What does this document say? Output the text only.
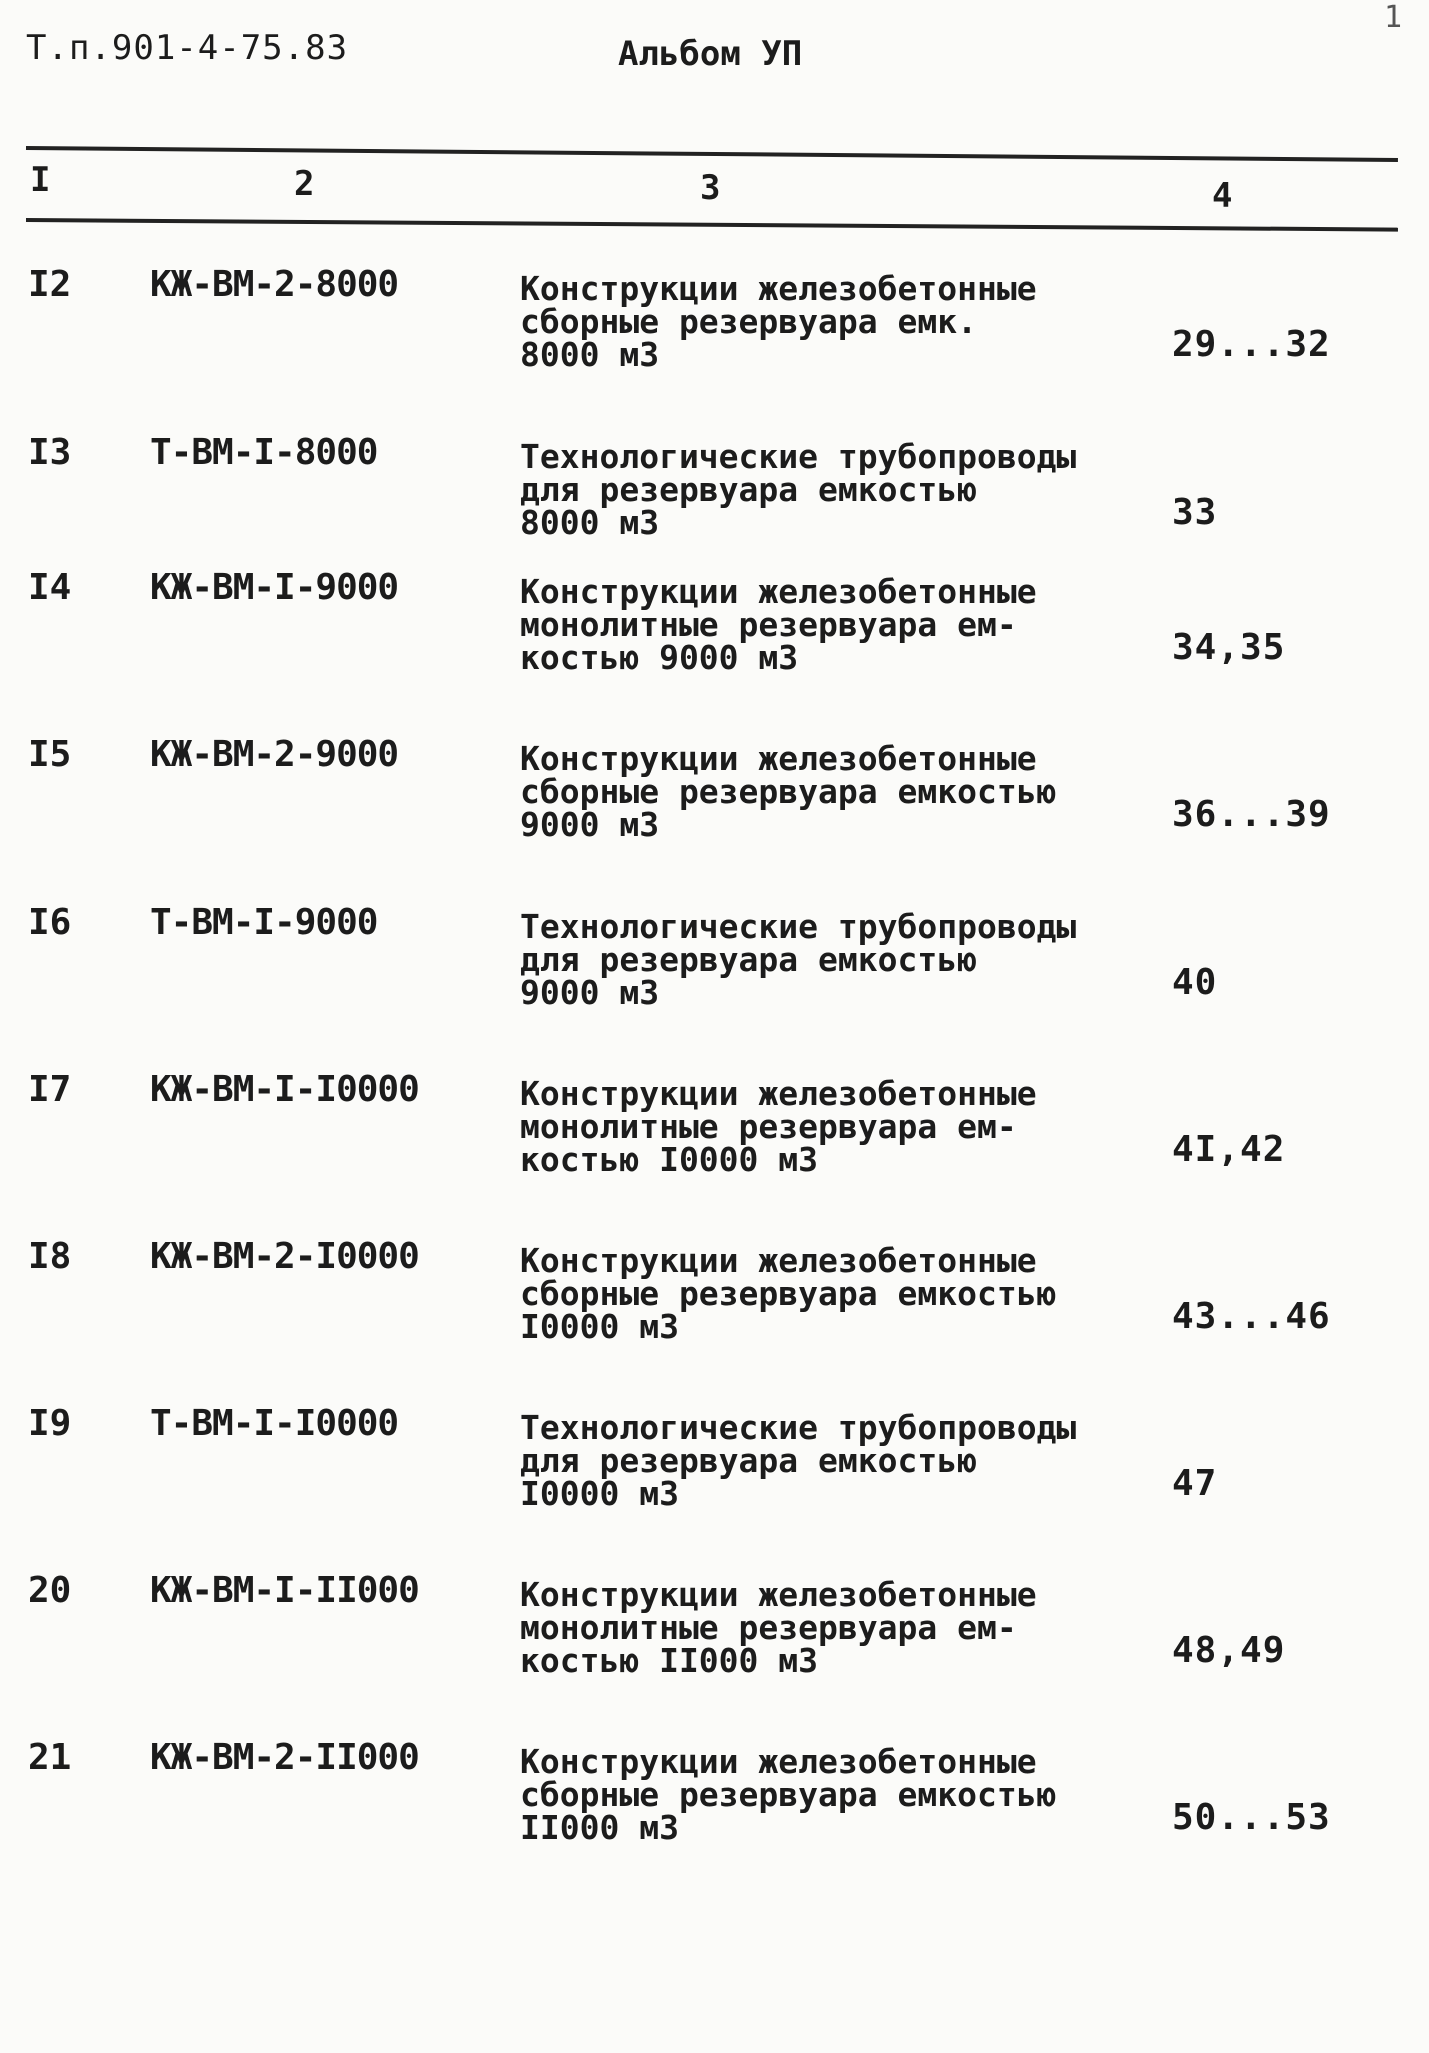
Т.п.901-4-75.83	Альбом УП
1
I	2	3	4
I2 КЖ-ВМ-2-8000	Конструкции железобетонные
сборные резервуара емк.
8000 м3	29...32
I3 Т-ВМ-I-8000	Технологические трубопроводы
для резервуара емкостью
8000 м3	33
I4 КЖ-ВМ-I-9000	Конструкции железобетонные
монолитные резервуара ем-
костью 9000 м3	34,35
I5 КЖ-ВМ-2-9000	Конструкции железобетонные
сборные резервуара емкостью
9000 м3	36...39
I6 Т-ВМ-I-9000	Технологические трубопроводы
для резервуара емкостью
9000 м3	40
I7 КЖ-ВМ-I-I0000	Конструкции железобетонные
монолитные резервуара ем-
костью I0000 м3	4I,42
I8 КЖ-ВМ-2-I0000	Конструкции железобетонные
сборные резервуара емкостью
I0000 м3	43...46
I9 Т-ВМ-I-I0000	Технологические трубопроводы
для резервуара емкостью
I0000 м3	47
20 КЖ-ВМ-I-II000	Конструкции железобетонные
монолитные резервуара ем-
костью II000 м3	48,49
21 КЖ-ВМ-2-II000	Конструкции железобетонные
сборные резервуара емкостью
II000 м3	50...53
